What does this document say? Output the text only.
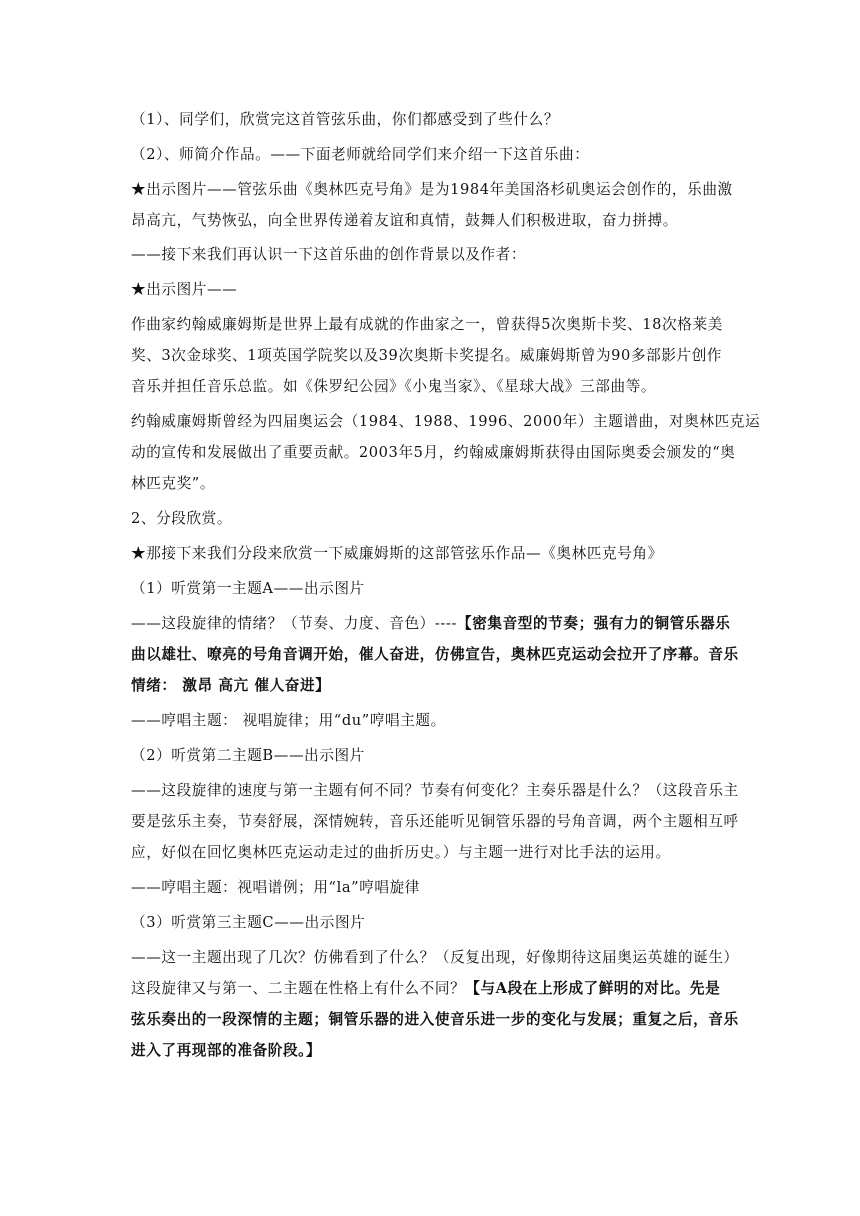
（1）、同学们，欣赏完这首管弦乐曲，你们都感受到了些什么？
（2）、师简介作品。——下面老师就给同学们来介绍一下这首乐曲：
★出示图片——管弦乐曲《奥林匹克号角》是为1984年美国洛杉矶奥运会创作的，乐曲激
昂高亢，气势恢弘，向全世界传递着友谊和真情，鼓舞人们积极进取，奋力拼搏。
——接下来我们再认识一下这首乐曲的创作背景以及作者：
★出示图片——
作曲家约翰威廉姆斯是世界上最有成就的作曲家之一，曾获得5次奥斯卡奖、18次格莱美
奖、3次金球奖、1项英国学院奖以及39次奥斯卡奖提名。威廉姆斯曾为90多部影片创作
音乐并担任音乐总监。如《侏罗纪公园》《小鬼当家》、《星球大战》三部曲等。
约翰威廉姆斯曾经为四届奥运会（1984、1988、1996、2000年）主题谱曲，对奥林匹克运
动的宣传和发展做出了重要贡献。2003年5月，约翰威廉姆斯获得由国际奥委会颁发的“奥
林匹克奖”。
2、分段欣赏。
★那接下来我们分段来欣赏一下威廉姆斯的这部管弦乐作品—《奥林匹克号角》
（1）听赏第一主题A——出示图片
——这段旋律的情绪？（节奏、力度、音色）----【密集音型的节奏；强有力的铜管乐器乐
曲以雄壮、嘹亮的号角音调开始，催人奋进，仿佛宣告，奥林匹克运动会拉开了序幕。音乐
情绪： 激昂 高亢 催人奋进】
——哼唱主题： 视唱旋律；用“du”哼唱主题。
（2）听赏第二主题B——出示图片
——这段旋律的速度与第一主题有何不同？节奏有何变化？主奏乐器是什么？（这段音乐主
要是弦乐主奏，节奏舒展，深情婉转，音乐还能听见铜管乐器的号角音调，两个主题相互呼
应，好似在回忆奥林匹克运动走过的曲折历史。）与主题一进行对比手法的运用。
——哼唱主题：视唱谱例；用“la”哼唱旋律
（3）听赏第三主题C——出示图片
——这一主题出现了几次？仿佛看到了什么？（反复出现，好像期待这届奥运英雄的诞生）
这段旋律又与第一、二主题在性格上有什么不同？【与A段在上形成了鲜明的对比。先是
弦乐奏出的一段深情的主题；铜管乐器的进入使音乐进一步的变化与发展；重复之后，音乐
进入了再现部的准备阶段。】
